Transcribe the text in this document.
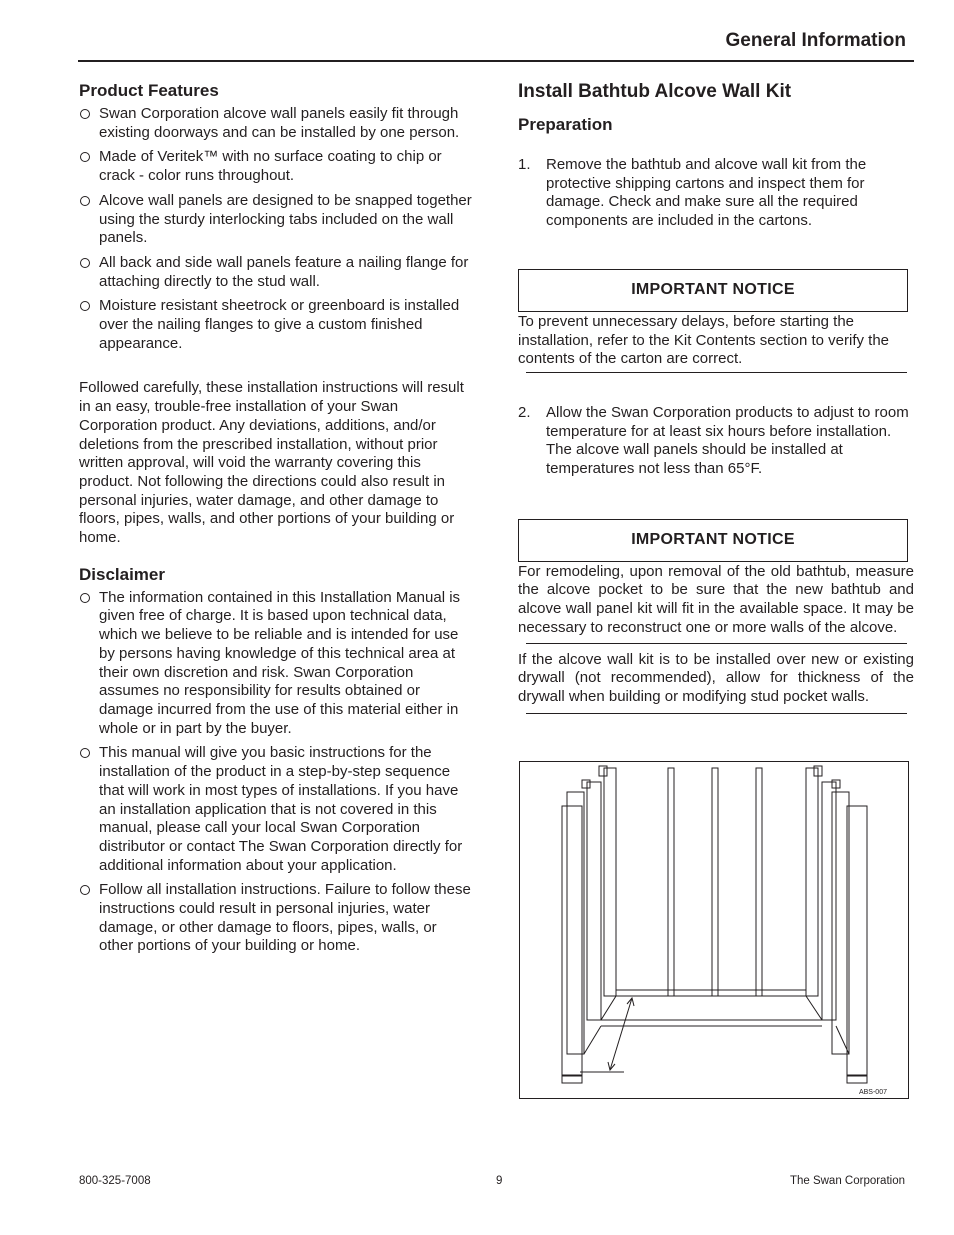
General Information
Product Features
Swan Corporation alcove wall panels easily fit through existing doorways and can be installed by one person.
Made of Veritek™ with no surface coating to chip or crack - color runs throughout.
Alcove wall panels are designed to be snapped together using the sturdy interlocking tabs included on the wall panels.
All back and side wall panels feature a nailing flange for attaching directly to the stud wall.
Moisture resistant sheetrock or greenboard is installed over the nailing flanges to give a custom finished appearance.

Followed carefully, these installation instructions will result in an easy, trouble-free installation of your Swan Corporation product. Any deviations, additions, and/or deletions from the prescribed installation, without prior written approval, will void the warranty covering this product. Not following the directions could also result in personal injuries, water damage, and other damage to floors, pipes, walls, and other portions of your building or home.

Disclaimer
The information contained in this Installation Manual is given free of charge. It is based upon technical data, which we believe to be reliable and is intended for use by persons having knowledge of this technical area at their own discretion and risk. Swan Corporation assumes no responsibility for results obtained or damage incurred from the use of this material either in whole or in part by the buyer.
This manual will give you basic instructions for the installation of the product in a step-by-step sequence that will work in most types of installations. If you have an installation application that is not covered in this manual, please call your local Swan Corporation distributor or contact The Swan Corporation directly for additional information about your application.
Follow all installation instructions. Failure to follow these instructions could result in personal injuries, water damage, or other damage to floors, pipes, walls, or other portions of your building or home.
Install Bathtub Alcove Wall Kit
Preparation
1. Remove the bathtub and alcove wall kit from the protective shipping cartons and inspect them for damage. Check and make sure all the required components are included in the cartons.
IMPORTANT NOTICE
To prevent unnecessary delays, before starting the installation, refer to the Kit Contents section to verify the contents of the carton are correct.
2. Allow the Swan Corporation products to adjust to room temperature for at least six hours before installation. The alcove wall panels should be installed at temperatures not less than 65°F.
IMPORTANT NOTICE
For remodeling, upon removal of the old bathtub, measure the alcove pocket to be sure that the new bathtub and alcove wall panel kit will fit in the available space. It may be necessary to reconstruct one or more walls of the alcove.
If the alcove wall kit is to be installed over new or existing drywall (not recommended), allow for thickness of the drywall when building or modifying stud pocket walls.
ABS-007
800-325-7008	9	The Swan Corporation
